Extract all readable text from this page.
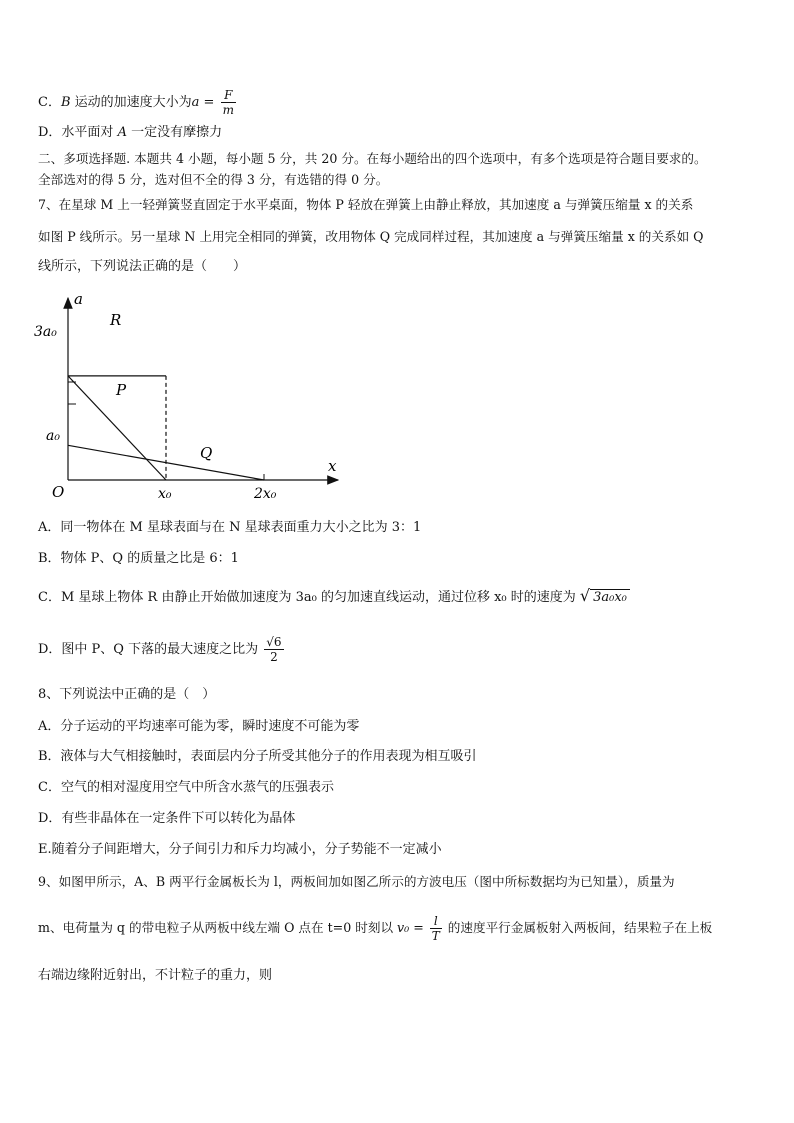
C．B 运动的加速度大小为$a = \frac{F}{m}$
D．水平面对 A 一定没有摩擦力
二、多项选择题. 本题共 4 小题，每小题 5 分，共 20 分。在每小题给出的四个选项中，有多个选项是符合题目要求的。
全部选对的得 5 分，选对但不全的得 3 分，有选错的得 0 分。
7、在星球 M 上一轻弹簧竖直固定于水平桌面，物体 P 轻放在弹簧上由静止释放，其加速度 a 与弹簧压缩量 x 的关系
如图 P 线所示。另一星球 N 上用完全相同的弹簧，改用物体 Q 完成同样过程，其加速度 a 与弹簧压缩量 x 的关系如 Q
线所示，下列说法正确的是（　　）
a
x
O
3a₀
a₀
x₀	2x₀
R
P
Q
A．同一物体在 M 星球表面与在 N 星球表面重力大小之比为 3：1
B．物体 P、Q 的质量之比是 6：1
C．M 星球上物体 R 由静止开始做加速度为 3a₀ 的匀加速直线运动，通过位移 x₀ 时的速度为 √ 3a₀x₀
D．图中 P、Q 下落的最大速度之比为 $\frac{√6}{2}$
8、下列说法中正确的是（　）
A．分子运动的平均速率可能为零，瞬时速度不可能为零
B．液体与大气相接触时，表面层内分子所受其他分子的作用表现为相互吸引
C．空气的相对湿度用空气中所含水蒸气的压强表示
D．有些非晶体在一定条件下可以转化为晶体
E.随着分子间距增大，分子间引力和斥力均减小，分子势能不一定减小
9、如图甲所示，A、B 两平行金属板长为 l，两板间加如图乙所示的方波电压（图中所标数据均为已知量），质量为
m、电荷量为 q 的带电粒子从两板中线左端 O 点在 t=0 时刻以 $v_0 = \frac{l}{T}$ 的速度平行金属板射入两板间，结果粒子在上板
右端边缘附近射出，不计粒子的重力，则
